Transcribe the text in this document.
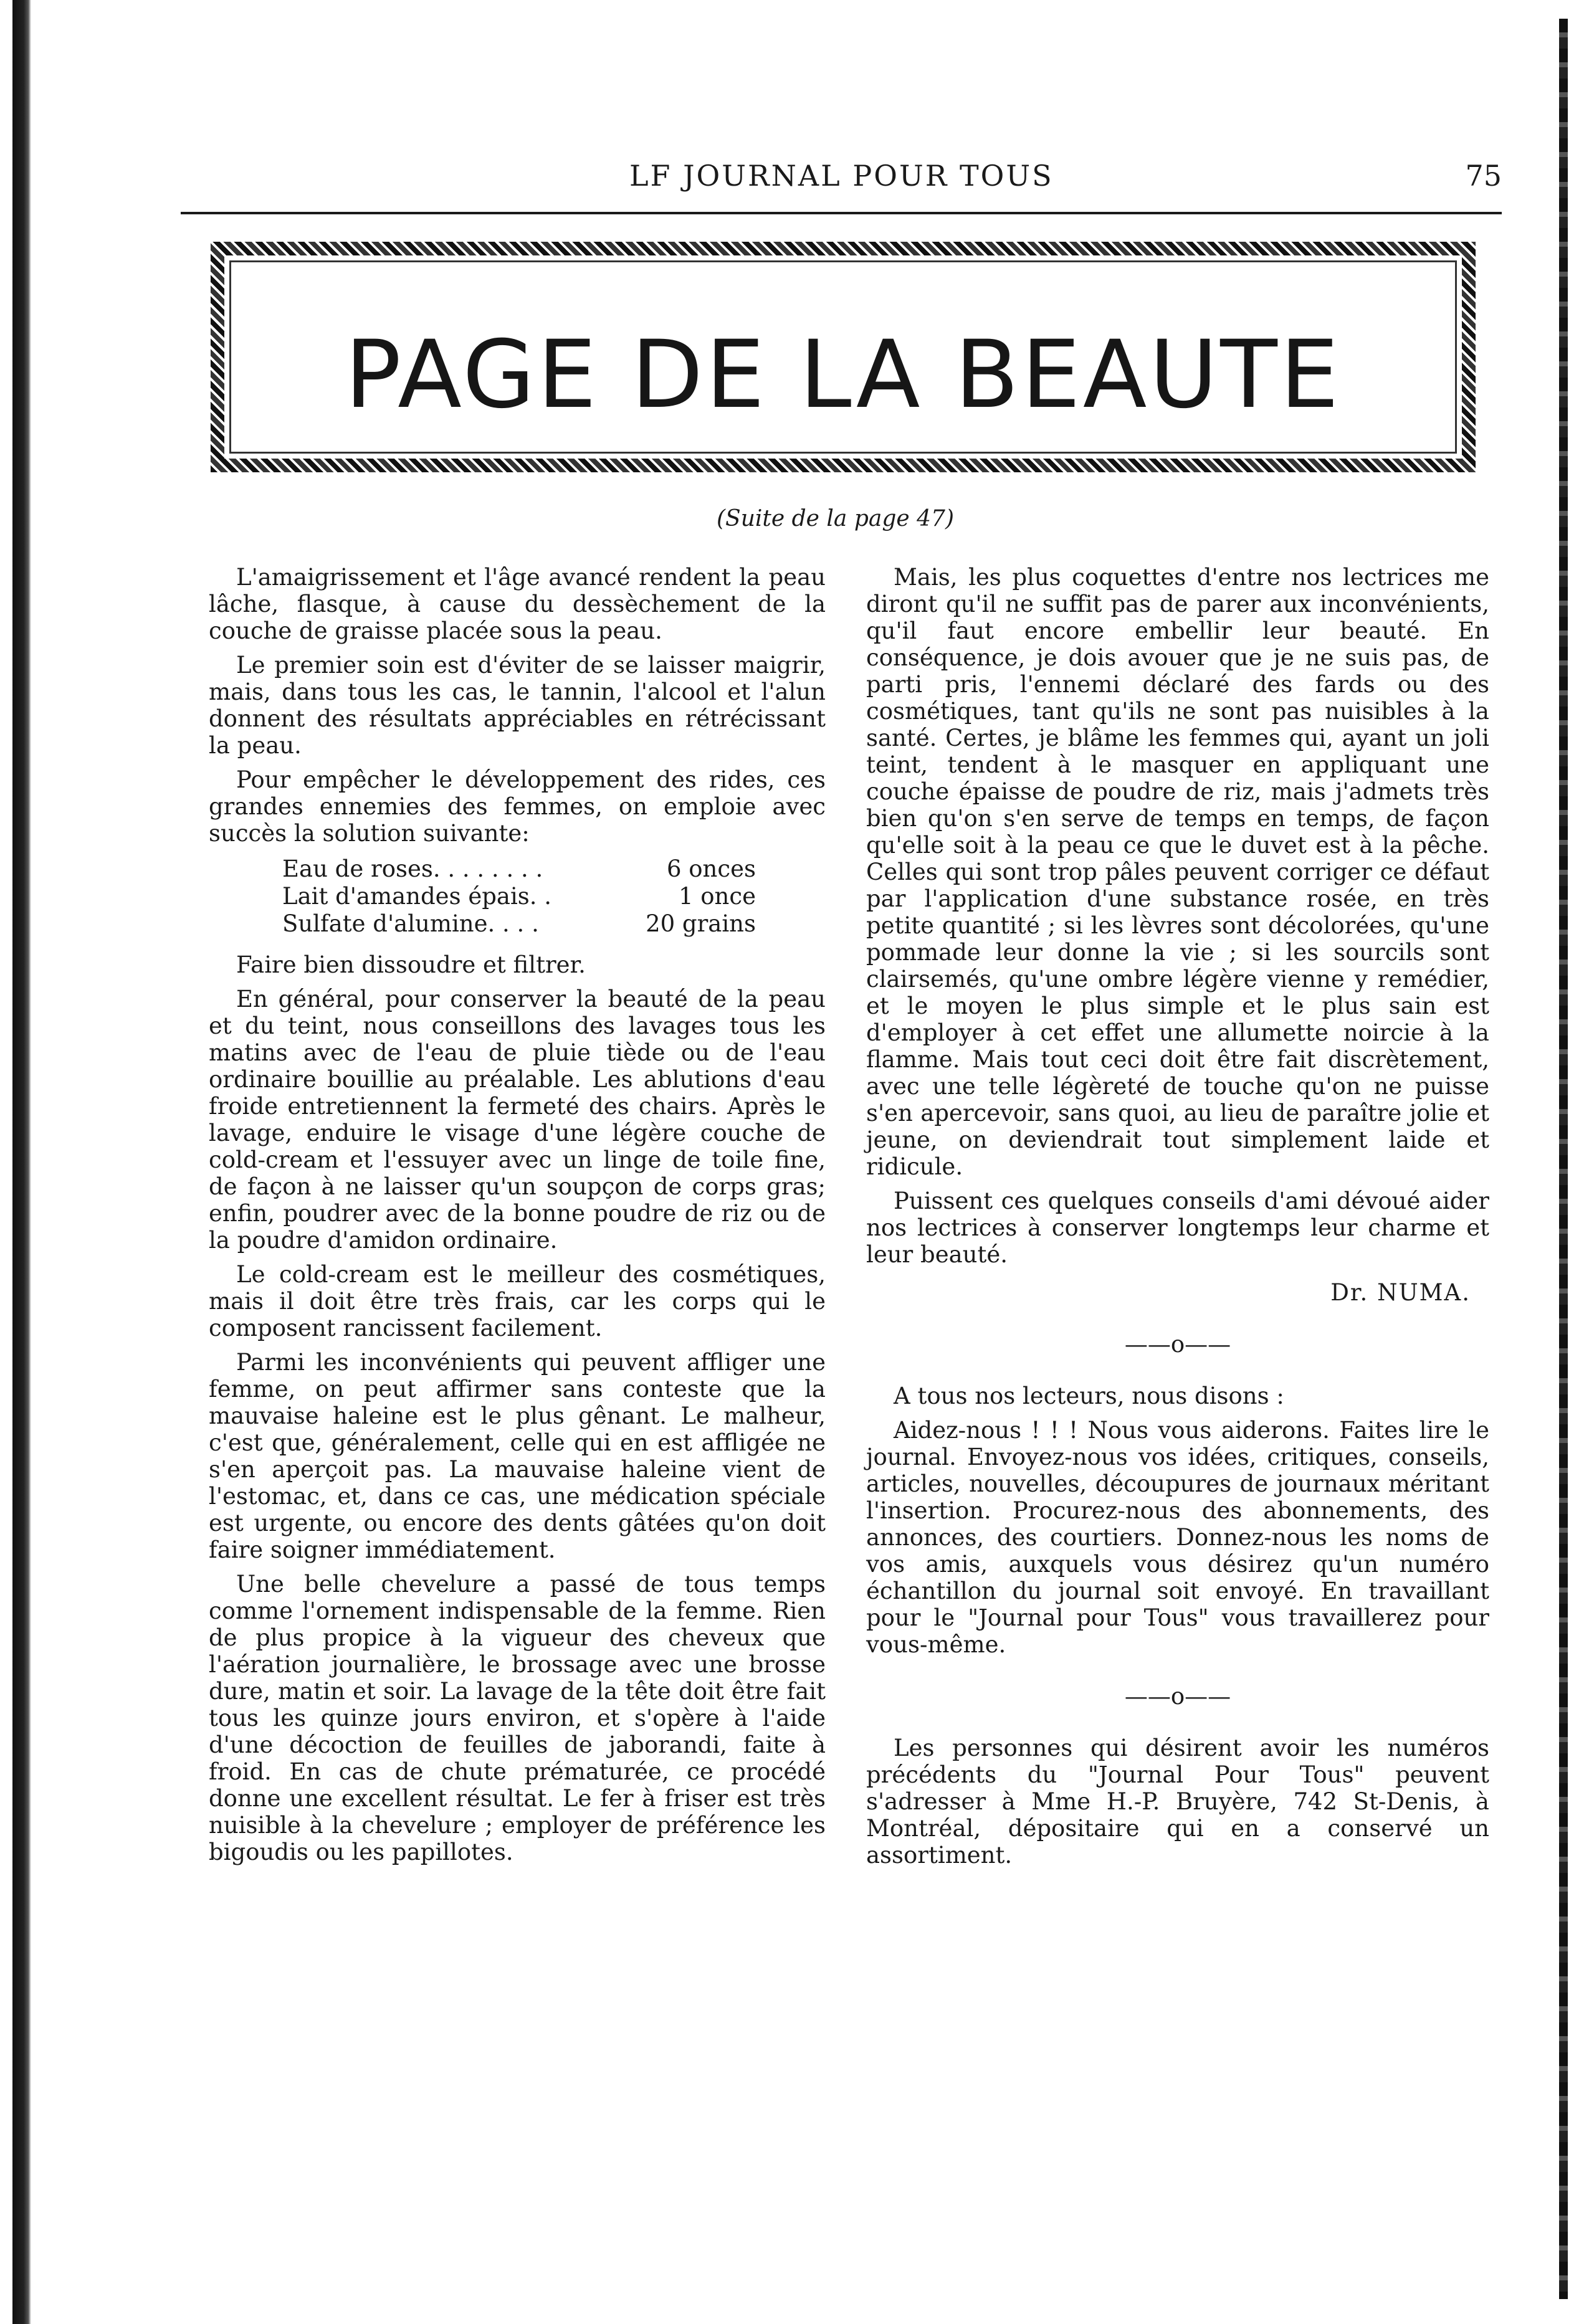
LF JOURNAL POUR TOUS	75
PAGE DE LA BEAUTE
(Suite de la page 47)

L'amaigrissement et l'âge avancé rendent la peau lâche, flasque, à cause du dessèchement de la couche de graisse placée sous la peau.

Le premier soin est d'éviter de se laisser maigrir, mais, dans tous les cas, le tannin, l'alcool et l'alun donnent des résultats appréciables en rétrécissant la peau.

Pour empêcher le développement des rides, ces grandes ennemies des femmes, on emploie avec succès la solution suivante:

Eau de roses . . . . . . . .	6 onces
Lait d'amandes épais . .	1 once
Sulfate d'alumine . . . .	20 grains

Faire bien dissoudre et filtrer.

En général, pour conserver la beauté de la peau et du teint, nous conseillons des lavages tous les matins avec de l'eau de pluie tiède ou de l'eau ordinaire bouillie au préalable. Les ablutions d'eau froide entretiennent la fermeté des chairs. Après le lavage, enduire le visage d'une légère couche de cold-cream et l'essuyer avec un linge de toile fine, de façon à ne laisser qu'un soupçon de corps gras; enfin, poudrer avec de la bonne poudre de riz ou de la poudre d'amidon ordinaire.

Le cold-cream est le meilleur des cosmétiques, mais il doit être très frais, car les corps qui le composent rancissent facilement.

Parmi les inconvénients qui peuvent affliger une femme, on peut affirmer sans conteste que la mauvaise haleine est le plus gênant. Le malheur, c'est que, généralement, celle qui en est affligée ne s'en aperçoit pas. La mauvaise haleine vient de l'estomac, et, dans ce cas, une médication spéciale est urgente, ou encore des dents gâtées qu'on doit faire soigner immédiatement.

Une belle chevelure a passé de tous temps comme l'ornement indispensable de la femme. Rien de plus propice à la vigueur des cheveux que l'aération journalière, le brossage avec une brosse dure, matin et soir. La lavage de la tête doit être fait tous les quinze jours environ, et s'opère à l'aide d'une décoction de feuilles de jaborandi, faite à froid. En cas de chute prématurée, ce procédé donne une excellent résultat. Le fer à friser est très nuisible à la chevelure ; employer de préférence les bigoudis ou les papillotes.

Mais, les plus coquettes d'entre nos lectrices me diront qu'il ne suffit pas de parer aux inconvénients, qu'il faut encore embellir leur beauté. En conséquence, je dois avouer que je ne suis pas, de parti pris, l'ennemi déclaré des fards ou des cosmétiques, tant qu'ils ne sont pas nuisibles à la santé. Certes, je blâme les femmes qui, ayant un joli teint, tendent à le masquer en appliquant une couche épaisse de poudre de riz, mais j'admets très bien qu'on s'en serve de temps en temps, de façon qu'elle soit à la peau ce que le duvet est à la pêche. Celles qui sont trop pâles peuvent corriger ce défaut par l'application d'une substance rosée, en très petite quantité ; si les lèvres sont décolorées, qu'une pommade leur donne la vie ; si les sourcils sont clairsemés, qu'une ombre légère vienne y remédier, et le moyen le plus simple et le plus sain est d'employer à cet effet une allumette noircie à la flamme. Mais tout ceci doit être fait discrètement, avec une telle légèreté de touche qu'on ne puisse s'en apercevoir, sans quoi, au lieu de paraître jolie et jeune, on deviendrait tout simplement laide et ridicule.

Puissent ces quelques conseils d'ami dévoué aider nos lectrices à conserver longtemps leur charme et leur beauté.

Dr. NUMA.
——o——

A tous nos lecteurs, nous disons :

Aidez-nous ! ! ! Nous vous aiderons. Faites lire le journal. Envoyez-nous vos idées, critiques, conseils, articles, nouvelles, découpures de journaux méritant l'insertion. Procurez-nous des abonnements, des annonces, des courtiers. Donnez-nous les noms de vos amis, auxquels vous désirez qu'un numéro échantillon du journal soit envoyé. En travaillant pour le "Journal pour Tous" vous travaillerez pour vous-même.

——o——

Les personnes qui désirent avoir les numéros précédents du "Journal Pour Tous" peuvent s'adresser à Mme H.-P. Bruyère, 742 St-Denis, à Montréal, dépositaire qui en a conservé un assortiment.
